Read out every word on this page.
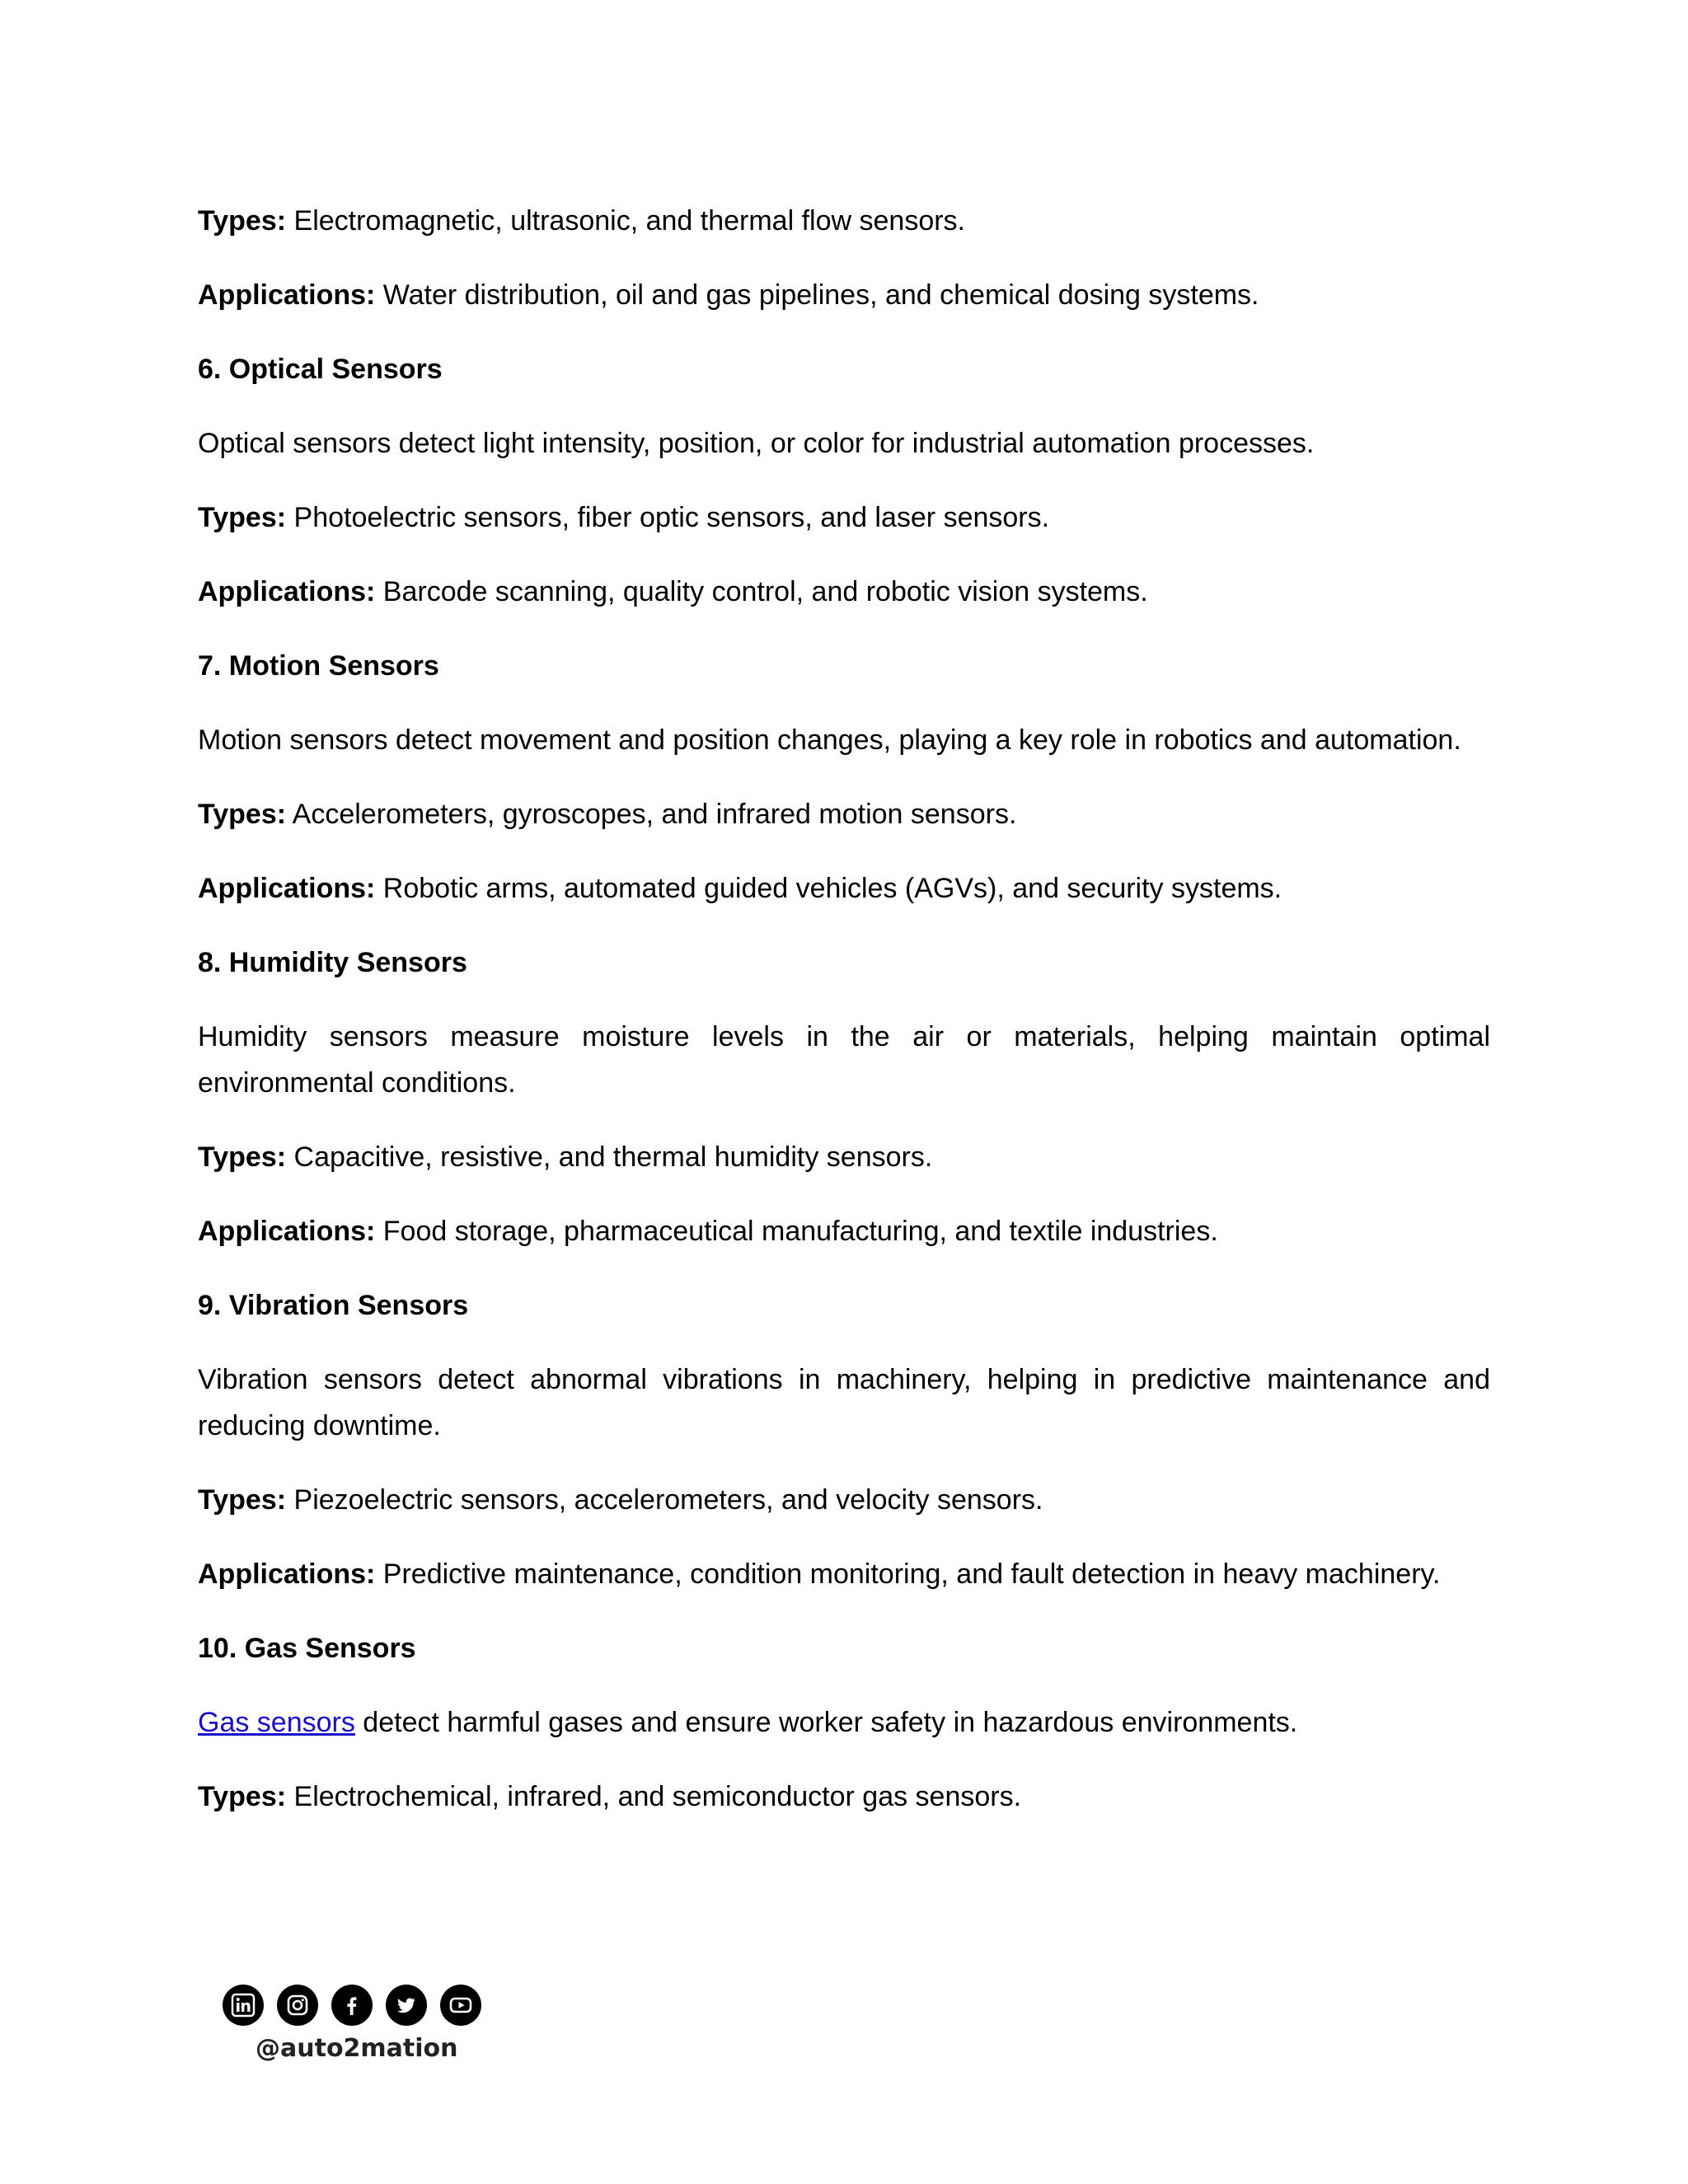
Types: Electromagnetic, ultrasonic, and thermal flow sensors.

Applications: Water distribution, oil and gas pipelines, and chemical dosing systems.

6. Optical Sensors

Optical sensors detect light intensity, position, or color for industrial automation processes.

Types: Photoelectric sensors, fiber optic sensors, and laser sensors.

Applications: Barcode scanning, quality control, and robotic vision systems.

7. Motion Sensors

Motion sensors detect movement and position changes, playing a key role in robotics and automation.

Types: Accelerometers, gyroscopes, and infrared motion sensors.

Applications: Robotic arms, automated guided vehicles (AGVs), and security systems.

8. Humidity Sensors

Humidity sensors measure moisture levels in the air or materials, helping maintain optimal environmental conditions.

Types: Capacitive, resistive, and thermal humidity sensors.

Applications: Food storage, pharmaceutical manufacturing, and textile industries.

9. Vibration Sensors

Vibration sensors detect abnormal vibrations in machinery, helping in predictive maintenance and reducing downtime.

Types: Piezoelectric sensors, accelerometers, and velocity sensors.

Applications: Predictive maintenance, condition monitoring, and fault detection in heavy machinery.

10. Gas Sensors

Gas sensors detect harmful gases and ensure worker safety in hazardous environments.

Types: Electrochemical, infrared, and semiconductor gas sensors.

@auto2mation
